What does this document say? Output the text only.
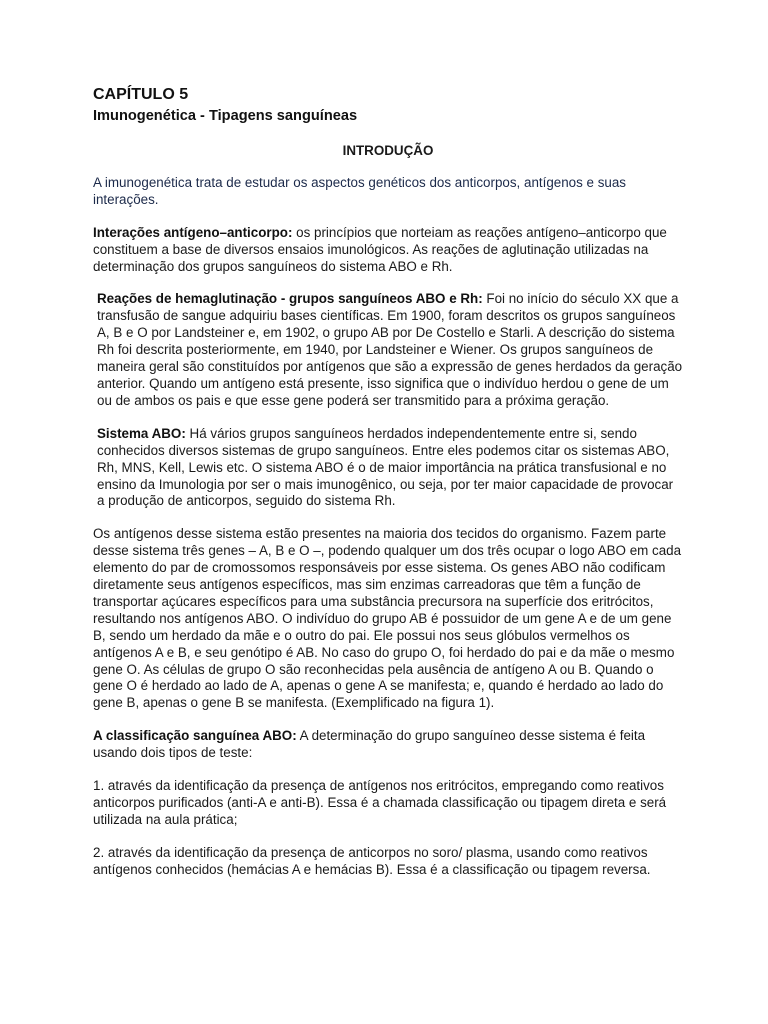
CAPÍTULO 5
Imunogenética - Tipagens sanguíneas
INTRODUÇÃO

A imunogenética trata de estudar os aspectos genéticos dos anticorpos, antígenos e suas interações.

Interações antígeno–anticorpo: os princípios que norteiam as reações antígeno–anticorpo que constituem a base de diversos ensaios imunológicos. As reações de aglutinação utilizadas na determinação dos grupos sanguíneos do sistema ABO e Rh.

Reações de hemaglutinação - grupos sanguíneos ABO e Rh: Foi no início do século XX que a transfusão de sangue adquiriu bases científicas. Em 1900, foram descritos os grupos sanguíneos A, B e O por Landsteiner e, em 1902, o grupo AB por De Costello e Starli. A descrição do sistema Rh foi descrita posteriormente, em 1940, por Landsteiner e Wiener. Os grupos sanguíneos de maneira geral são constituídos por antígenos que são a expressão de genes herdados da geração anterior. Quando um antígeno está presente, isso significa que o indivíduo herdou o gene de um ou de ambos os pais e que esse gene poderá ser transmitido para a próxima geração.

Sistema ABO: Há vários grupos sanguíneos herdados independentemente entre si, sendo conhecidos diversos sistemas de grupo sanguíneos. Entre eles podemos citar os sistemas ABO, Rh, MNS, Kell, Lewis etc. O sistema ABO é o de maior importância na prática transfusional e no ensino da Imunologia por ser o mais imunogênico, ou seja, por ter maior capacidade de provocar a produção de anticorpos, seguido do sistema Rh.

Os antígenos desse sistema estão presentes na maioria dos tecidos do organismo. Fazem parte desse sistema três genes – A, B e O –, podendo qualquer um dos três ocupar o logo ABO em cada elemento do par de cromossomos responsáveis por esse sistema. Os genes ABO não codificam diretamente seus antígenos específicos, mas sim enzimas carreadoras que têm a função de transportar açúcares específicos para uma substância precursora na superfície dos eritrócitos, resultando nos antígenos ABO. O indivíduo do grupo AB é possuidor de um gene A e de um gene B, sendo um herdado da mãe e o outro do pai. Ele possui nos seus glóbulos vermelhos os antígenos A e B, e seu genótipo é AB. No caso do grupo O, foi herdado do pai e da mãe o mesmo gene O. As células de grupo O são reconhecidas pela ausência de antígeno A ou B. Quando o gene O é herdado ao lado de A, apenas o gene A se manifesta; e, quando é herdado ao lado do gene B, apenas o gene B se manifesta. (Exemplificado na figura 1).

A classificação sanguínea ABO: A determinação do grupo sanguíneo desse sistema é feita usando dois tipos de teste:

1. através da identificação da presença de antígenos nos eritrócitos, empregando como reativos anticorpos purificados (anti-A e anti-B). Essa é a chamada classificação ou tipagem direta e será utilizada na aula prática;

2. através da identificação da presença de anticorpos no soro/ plasma, usando como reativos antígenos conhecidos (hemácias A e hemácias B). Essa é a classificação ou tipagem reversa.
